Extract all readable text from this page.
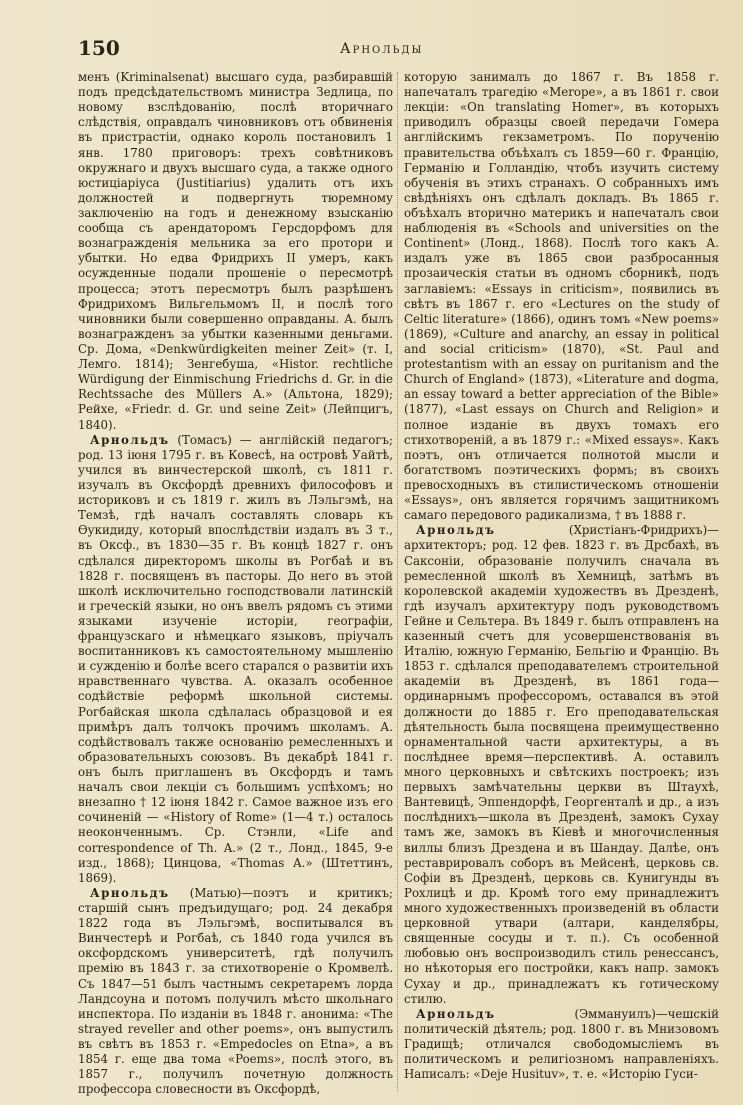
150	Арнольды

менъ (Kriminalsenat) высшаго суда, разбиравшій подъ предсѣдательствомъ министра Зедлица, по новому взслѣдованію, послѣ вторичнаго слѣдствія, оправдалъ чиновниковъ отъ обвиненія въ пристрастіи, однако король постановилъ 1 янв. 1780 приговоръ: трехъ совѣтниковъ окружнаго и двухъ высшаго суда, а также одного юстиціаріуса (Justitiarius) удалить отъ ихъ должностей и подвергнуть тюремному заключенію на годъ и денежному взысканію сообща съ арендаторомъ Герсдорфомъ для вознагражденія мельника за его протори и убытки. Но едва Фридрихъ II умеръ, какъ осужденные подали прошеніе о пересмотрѣ процесса; этотъ пересмотръ былъ разрѣшенъ Фридрихомъ Вильгельмомъ II, и послѣ того чиновники были совершенно оправданы. А. былъ вознагражденъ за убытки казенными деньгами. Ср. Дома, «Denkwürdigkeiten meiner Zeit» (т. I, Лемго. 1814); Зенгебуша, «Histor. rechtliche Würdigung der Einmischung Friedrichs d. Gr. in die Rechtssache des Müllers A.» (Альтона, 1829); Рейхе, «Friedr. d. Gr. und seine Zeit» (Лейпцигъ, 1840).

Арнольдъ (Томасъ) — англійскій педагогъ; род. 13 іюня 1795 г. въ Ковесѣ, на островѣ Уайтѣ, учился въ винчестерской школѣ, съ 1811 г. изучалъ въ Оксфордѣ древнихъ философовъ и историковъ и съ 1819 г. жилъ въ Лэльгэмѣ, на Темзѣ, гдѣ началъ составлять словарь къ Ѳукидиду, который впослѣдствіи издалъ въ 3 т., въ Оксф., въ 1830—35 г. Въ концѣ 1827 г. онъ сдѣлался директоромъ школы въ Рогбаѣ и въ 1828 г. посвященъ въ пасторы. До него въ этой школѣ исключительно господствовали латинскій и греческій языки, но онъ ввелъ рядомъ съ этими языками изученіе исторіи, географіи, французскаго и нѣмецкаго языковъ, пріучалъ воспитанниковъ къ самостоятельному мышленію и сужденію и болѣе всего старался о развитіи ихъ нравственнаго чувства. А. оказалъ особенное содѣйствіе реформѣ школьной системы. Рогбайская школа сдѣлалась образцовой и ея примѣръ далъ толчокъ прочимъ школамъ. А. содѣйствовалъ также основанію ремесленныхъ и образовательныхъ союзовъ. Въ декабрѣ 1841 г. онъ былъ приглашенъ въ Оксфордъ и тамъ началъ свои лекціи съ большимъ успѣхомъ; но внезапно † 12 іюня 1842 г. Самое важное изъ его сочиненій — «History of Rome» (1—4 т.) осталось неоконченнымъ. Ср. Стэнли, «Life and correspondence of Th. A.» (2 т., Лонд., 1845, 9-е изд., 1868); Цинцова, «Thomas A.» (Штеттинъ, 1869).

Арнольдъ (Матью)—поэтъ и критикъ; старшій сынъ предъидущаго; род. 24 декабря 1822 года въ Лэльгэмѣ, воспитывался въ Винчестерѣ и Рогбаѣ, съ 1840 года учился въ оксфордскомъ университетѣ, гдѣ получилъ премію въ 1843 г. за стихотвореніе о Кромвелѣ. Съ 1847—51 былъ частнымъ секретаремъ лорда Ландсоуна и потомъ получилъ мѣсто школьнаго инспектора. По изданіи въ 1848 г. анонима: «The strayed reveller and other poems», онъ выпустилъ въ свѣтъ въ 1853 г. «Empedocles on Etna», а въ 1854 г. еще два тома «Poems», послѣ этого, въ 1857 г., получилъ почетную должность профессора словесности въ Оксфордѣ,

которую занималъ до 1867 г. Въ 1858 г. напечаталъ трагедію «Merope», а въ 1861 г. свои лекціи: «On translating Homer», въ которыхъ приводилъ образцы своей передачи Гомера англійскимъ гекзаметромъ. По порученію правительства объѣхалъ съ 1859—60 г. Францію, Германію и Голландію, чтобъ изучить систему обученія въ этихъ странахъ. О собранныхъ имъ свѣдѣніяхъ онъ сдѣлалъ докладъ. Въ 1865 г. объѣхалъ вторично материкъ и напечаталъ свои наблюденія въ «Schools and universities on the Continent» (Лонд., 1868). Послѣ того какъ А. издалъ уже въ 1865 свои разбросанныя прозаическія статьи въ одномъ сборникѣ, подъ заглавіемъ: «Essays in criticism», появились въ свѣтъ въ 1867 г. его «Lectures on the study of Celtic literature» (1866), одинъ томъ «New poems» (1869), «Culture and anarchy, an essay in political and social criticism» (1870), «St. Paul and protestantism with an essay on puritanism and the Church of England» (1873), «Literature and dogma, an essay toward a better appreciation of the Bible» (1877), «Last essays on Church and Religion» и полное изданіе въ двухъ томахъ его стихотвореній, а въ 1879 г.: «Mixed essays». Какъ поэтъ, онъ отличается полнотой мысли и богатствомъ поэтическихъ формъ; въ своихъ превосходныхъ въ стилистическомъ отношеніи «Essays», онъ является горячимъ защитникомъ самаго передового радикализма, † въ 1888 г.

Арнольдъ (Христіанъ-Фридрихъ)—архитекторъ; род. 12 фев. 1823 г. въ Дрсбахѣ, въ Саксоніи, образованіе получилъ сначала въ ремесленной школѣ въ Хемницѣ, затѣмъ въ королевской академіи художествъ въ Дрезденѣ, гдѣ изучалъ архитектуру подъ руководствомъ Гейне и Сельтера. Въ 1849 г. былъ отправленъ на казенный счетъ для усовершенствованія въ Италію, южную Германію, Бельгію и Францію. Въ 1853 г. сдѣлался преподавателемъ строительной академіи въ Дрезденѣ, въ 1861 года—ординарнымъ профессоромъ, оставался въ этой должности до 1885 г. Его преподавательская дѣятельность была посвящена преимущественно орнаментальной части архитектуры, а въ послѣднее время—перспективѣ. А. оставилъ много церковныхъ и свѣтскихъ построекъ; изъ первыхъ замѣчательны церкви въ Штаухѣ, Вантевицѣ, Эппендорфѣ, Георгенталѣ и др., а изъ послѣднихъ—школа въ Дрезденѣ, замокъ Сухау тамъ же, замокъ въ Кіевѣ и многочисленныя виллы близъ Дрездена и въ Шандау. Далѣе, онъ реставрировалъ соборъ въ Мейсенѣ, церковь св. Софіи въ Дрезденѣ, церковь св. Кунигунды въ Рохлицѣ и др. Кромѣ того ему принадлежитъ много художественныхъ произведеній въ области церковной утвари (алтари, канделябры, священные сосуды и т. п.). Съ особенной любовью онъ воспроизводилъ стиль ренессансъ, но нѣкоторыя его постройки, какъ напр. замокъ Сухау и др., принадлежатъ къ готическому стилю.

Арнольдъ (Эммануилъ)—чешскій политическій дѣятель; род. 1800 г. въ Мнизовомъ Градищѣ; отличался свободомысліемъ въ политическомъ и религіозномъ направленіяхъ. Написалъ: «Deje Husituv», т. е. «Исторію Гуси-
